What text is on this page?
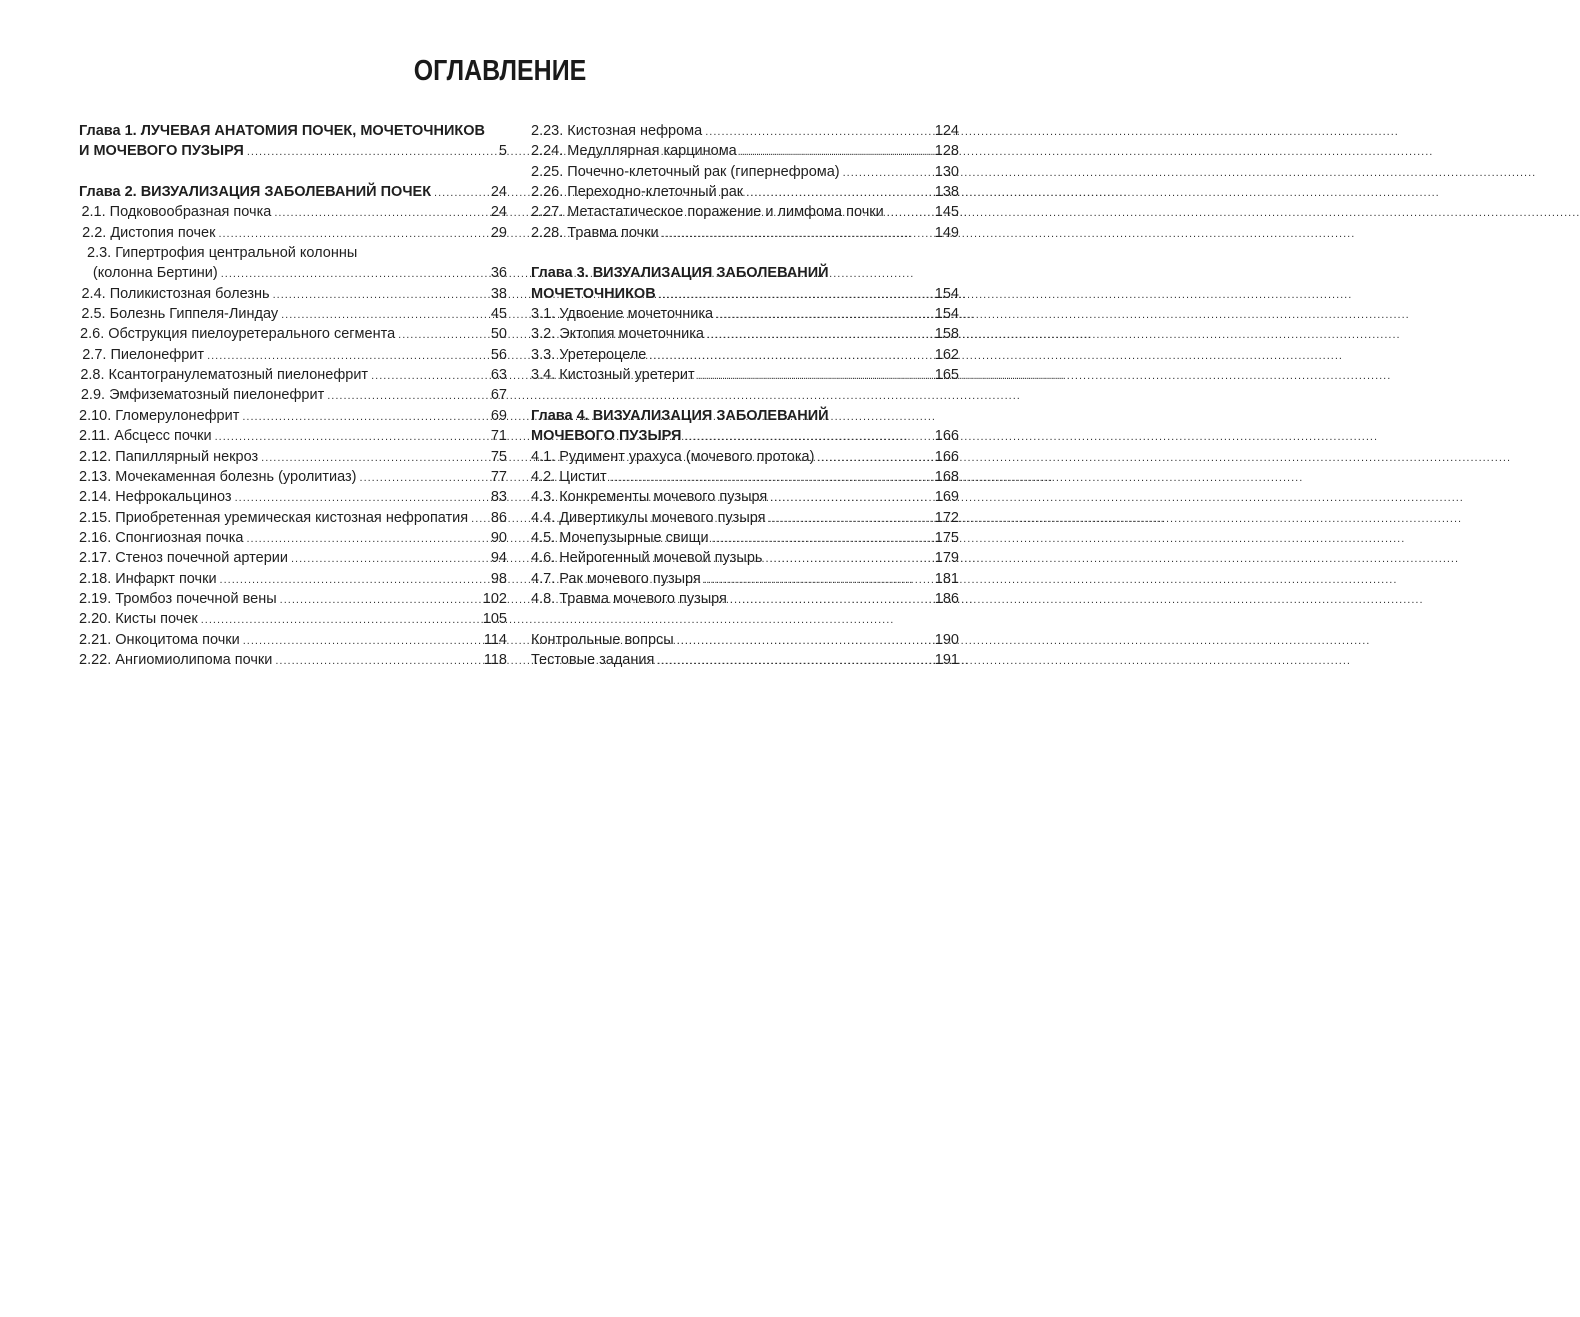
ОГЛАВЛЕНИЕ
Глава 1. ЛУЧЕВАЯ АНАТОМИЯ ПОЧЕК, МОЧЕТОЧНИКОВ
И МОЧЕВОГО ПУЗЫРЯ .....	5
Глава 2. ВИЗУАЛИЗАЦИЯ ЗАБОЛЕВАНИЙ ПОЧЕК .....	24
2.1. Подковообразная почка .....	24
2.2. Дистопия почек .....	29
2.3. Гипертрофия центральной колонны
(колонна Бертини) .....	36
2.4. Поликистозная болезнь .....	38
2.5. Болезнь Гиппеля-Линдау .....	45
2.6. Обструкция пиелоуретерального сегмента .....	50
2.7. Пиелонефрит .....	56
2.8. Ксантогранулематозный пиелонефрит .....	63
2.9. Эмфизематозный пиелонефрит .....	67
2.10. Гломерулонефрит .....	69
2.11. Абсцесс почки .....	71
2.12. Папиллярный некроз .....	75
2.13. Мочекаменная болезнь (уролитиаз) .....	77
2.14. Нефрокальциноз .....	83
2.15. Приобретенная уремическая кистозная нефропатия ..... 86
2.16. Спонгиозная почка .....	90
2.17. Стеноз почечной артерии .....	94
2.18. Инфаркт почки .....	98
2.19. Тромбоз почечной вены .....	102
2.20. Кисты почек .....	105
2.21. Онкоцитома почки .....	114
2.22. Ангиомиолипома почки .....	118
2.23. Кистозная нефрома .....	124
2.24. Медуллярная карцинома .....	128
2.25. Почечно-клеточный рак (гипернефрома) .....	130
2.26. Переходно-клеточный рак .....	138
2.27. Метастатическое поражение и лимфома почки .....	145
2.28. Травма почки .....	149
Глава 3. ВИЗУАЛИЗАЦИЯ ЗАБОЛЕВАНИЙ
МОЧЕТОЧНИКОВ .....	154
3.1. Удвоение мочеточника .....	154
3.2. Эктопия мочеточника .....	158
3.3. Уретероцеле .....	162
3.4. Кистозный уретерит .....	165
Глава 4. ВИЗУАЛИЗАЦИЯ ЗАБОЛЕВАНИЙ
МОЧЕВОГО ПУЗЫРЯ .....	166
4.1. Рудимент урахуса (мочевого протока) .....	166
4.2. Цистит .....	168
4.3. Конкременты мочевого пузыря .....	169
4.4. Дивертикулы мочевого пузыря .....	172
4.5. Мочепузырные свищи .....	175
4.6. Нейрогенный мочевой пузырь .....	179
4.7. Рак мочевого пузыря .....	181
4.8. Травма мочевого пузыря .....	186
Контрольные вопрсы .....	190
Тестовые задания .....	191
